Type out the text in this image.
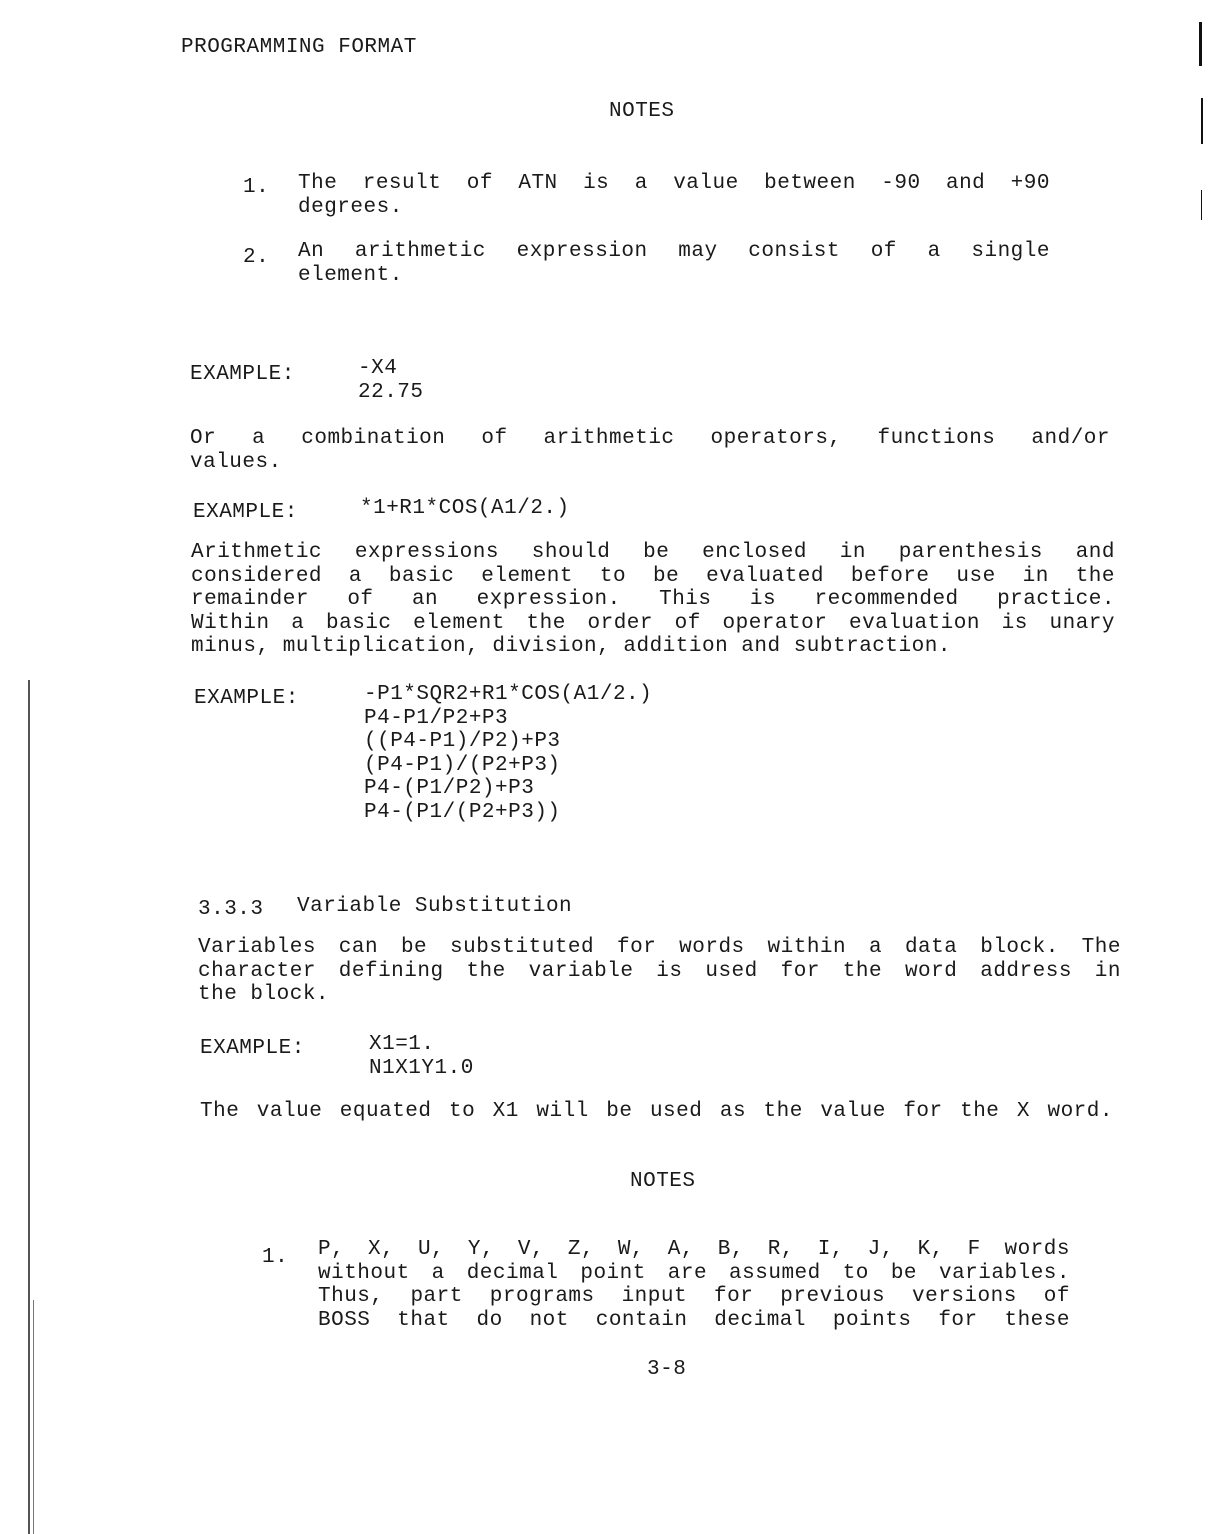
PROGRAMMING FORMAT
NOTES
1. The result of ATN is a value between -90 and +90
degrees.
2. An arithmetic expression may consist of a single
element.
EXAMPLE:	-X4
22.75
Or a combination of arithmetic operators, functions and/or
values.
EXAMPLE:	*1+R1*COS(A1/2.)
Arithmetic expressions should be enclosed in parenthesis and
considered a basic element to be evaluated before use in the
remainder of an expression. This is recommended practice.
Within a basic element the order of operator evaluation is unary
minus, multiplication, division, addition and subtraction.
EXAMPLE:	-P1*SQR2+R1*COS(A1/2.)
P4-P1/P2+P3
((P4-P1)/P2)+P3
(P4-P1)/(P2+P3)
P4-(P1/P2)+P3
P4-(P1/(P2+P3))
3.3.3 Variable Substitution
Variables can be substituted for words within a data block. The
character defining the variable is used for the word address in
the block.
EXAMPLE:	X1=1.
N1X1Y1.0
The value equated to X1 will be used as the value for the X word.
NOTES
1. P, X, U, Y, V, Z, W, A, B, R, I, J, K, F words
without a decimal point are assumed to be variables.
Thus, part programs input for previous versions of
BOSS that do not contain decimal points for these
3-8
